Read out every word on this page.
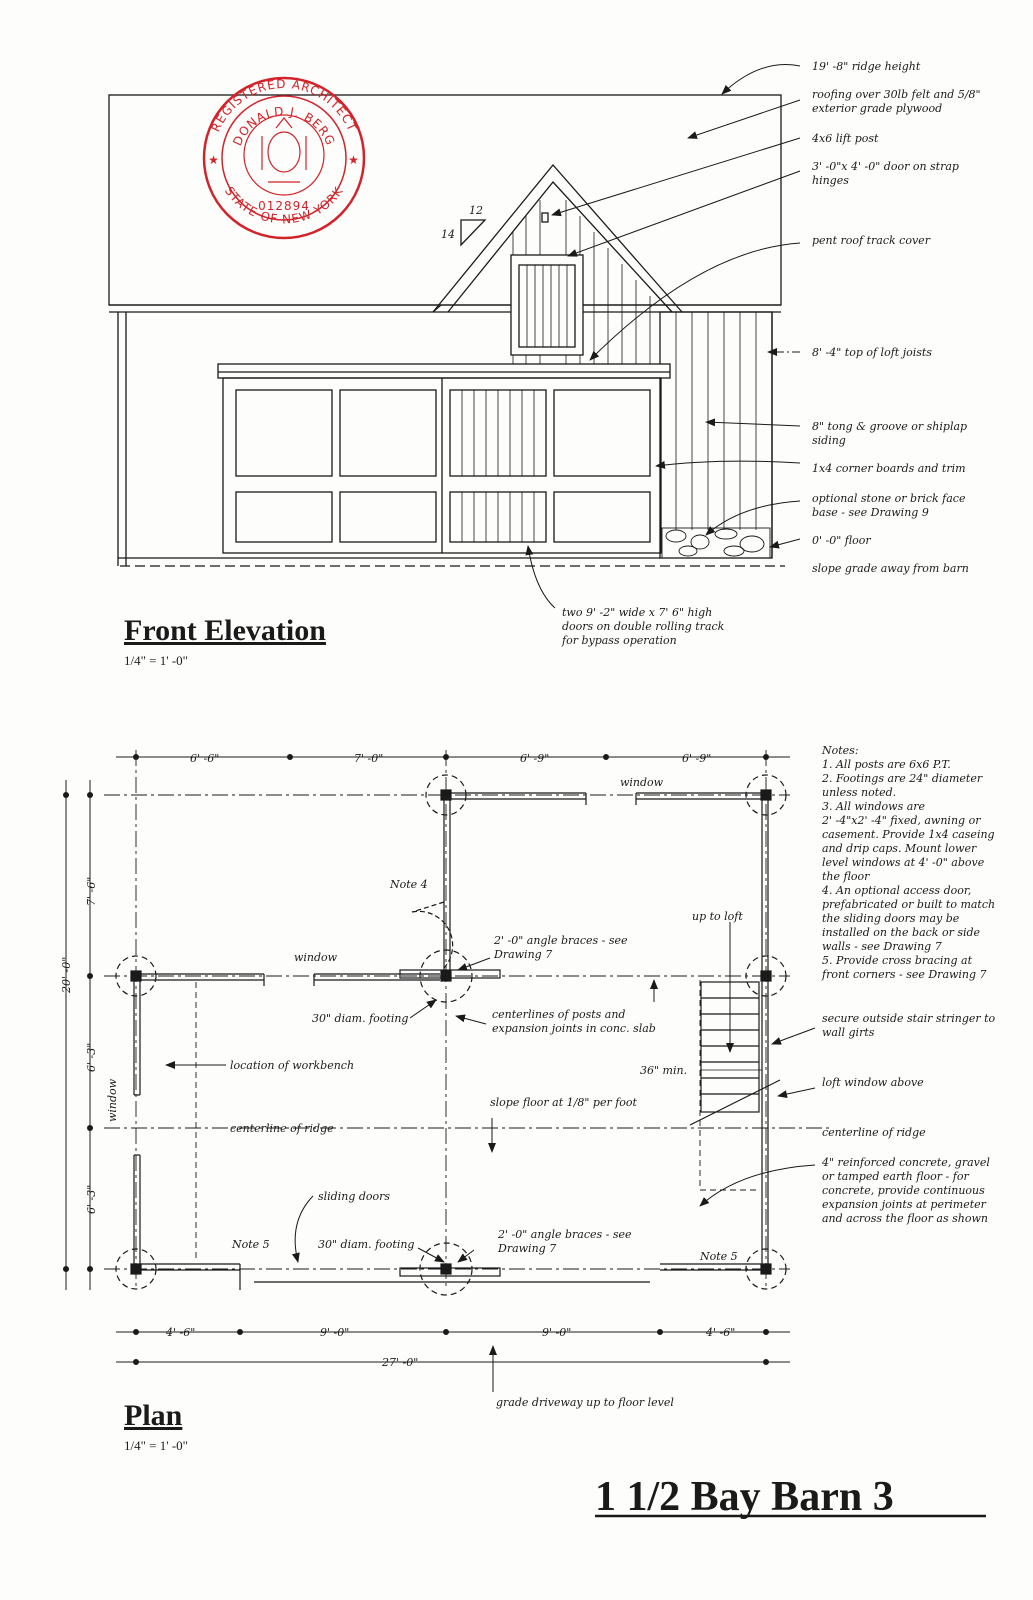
REGISTERED ARCHITECT
STATE OF NEW YORK
DONALD J. BERG
012894
★	★
12
14
19' -8" ridge height
roofing over 30lb felt and 5/8"
exterior grade plywood
4x6 lift post
3' -0"x 4' -0" door on strap
hinges
pent roof track cover
8' -4" top of loft joists
8" tong & groove or shiplap
siding
1x4 corner boards and trim
optional stone or brick face
base - see Drawing 9
0' -0" floor
slope grade away from barn
two 9' -2" wide x 7' 6" high
doors on double rolling track
for bypass operation
Front Elevation
1/4" = 1' -0"
6' -6"	7' -0"	6' -9"	6' -9"
4' -6"	9' -0"	9' -0"	4' -6"
27' -0"
7' -6"
6' -3"
6' -3"
20' -0"
window
window
window
Note 4
Note 5
Note 5
2' -0" angle braces - see
Drawing 7
2' -0" angle braces - see
Drawing 7
30" diam. footing
30" diam. footing
centerlines of posts and
expansion joints in conc. slab
location of workbench
centerline of ridge	centerline of ridge
slope floor at 1/8" per foot
36" min.
up to loft
sliding doors
secure outside stair stringer to
wall girts
loft window above
4" reinforced concrete, gravel
or tamped earth floor - for
concrete, provide continuous
expansion joints at perimeter
and across the floor as shown
grade driveway up to floor level
Notes:
1. All posts are 6x6 P.T.
2. Footings are 24" diameter
unless noted.
3. All windows are
2' -4"x2' -4" fixed, awning or
casement. Provide 1x4 caseing
and drip caps. Mount lower
level windows at 4' -0" above
the floor
4. An optional access door,
prefabricated or built to match
the sliding doors may be
installed on the back or side
walls - see Drawing 7
5. Provide cross bracing at
front corners - see Drawing 7
Plan
1/4" = 1' -0"
1 1/2 Bay Barn 3
